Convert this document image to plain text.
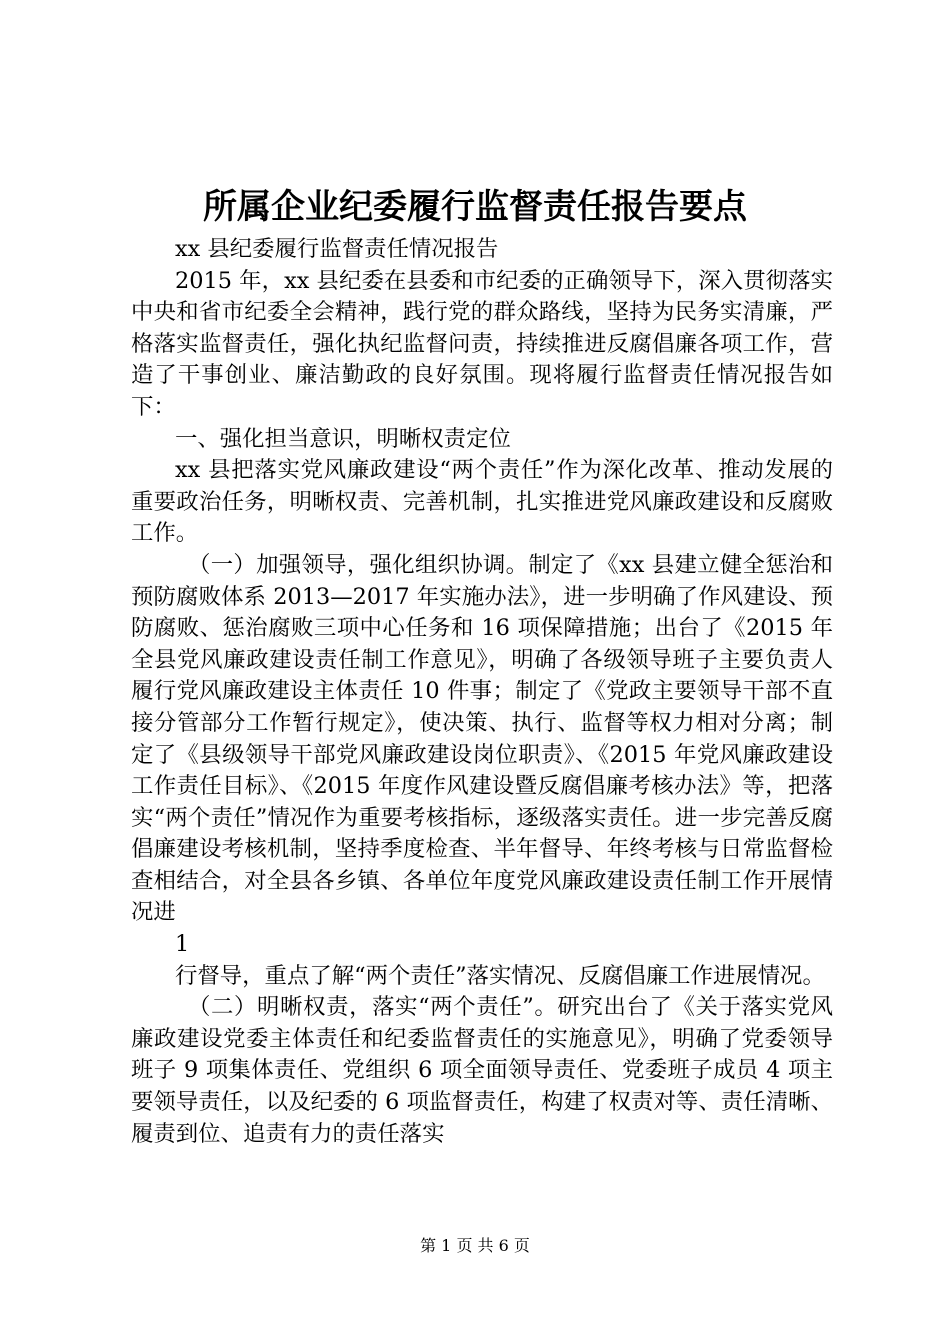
所属企业纪委履行监督责任报告要点

xx 县纪委履行监督责任情况报告

2015 年，xx 县纪委在县委和市纪委的正确领导下，深入贯彻落实中央和省市纪委全会精神，践行党的群众路线，坚持为民务实清廉，严格落实监督责任，强化执纪监督问责，持续推进反腐倡廉各项工作，营造了干事创业、廉洁勤政的良好氛围。现将履行监督责任情况报告如下：

一、强化担当意识，明晰权责定位

xx 县把落实党风廉政建设“两个责任”作为深化改革、推动发展的重要政治任务，明晰权责、完善机制，扎实推进党风廉政建设和反腐败工作。

（一）加强领导，强化组织协调。制定了《xx 县建立健全惩治和预防腐败体系 2013—2017 年实施办法》，进一步明确了作风建设、预防腐败、惩治腐败三项中心任务和 16 项保障措施；出台了《2015 年全县党风廉政建设责任制工作意见》，明确了各级领导班子主要负责人履行党风廉政建设主体责任 10 件事；制定了《党政主要领导干部不直接分管部分工作暂行规定》，使决策、执行、监督等权力相对分离；制定了《县级领导干部党风廉政建设岗位职责》、《2015 年党风廉政建设工作责任目标》、《2015 年度作风建设暨反腐倡廉考核办法》等，把落实“两个责任”情况作为重要考核指标，逐级落实责任。进一步完善反腐倡廉建设考核机制，坚持季度检查、半年督导、年终考核与日常监督检查相结合，对全县各乡镇、各单位年度党风廉政建设责任制工作开展情况进

1

行督导，重点了解“两个责任”落实情况、反腐倡廉工作进展情况。

（二）明晰权责，落实“两个责任”。研究出台了《关于落实党风廉政建设党委主体责任和纪委监督责任的实施意见》，明确了党委领导班子 9 项集体责任、党组织 6 项全面领导责任、党委班子成员 4 项主要领导责任，以及纪委的 6 项监督责任，构建了权责对等、责任清晰、履责到位、追责有力的责任落实

第 1 页 共 6 页
